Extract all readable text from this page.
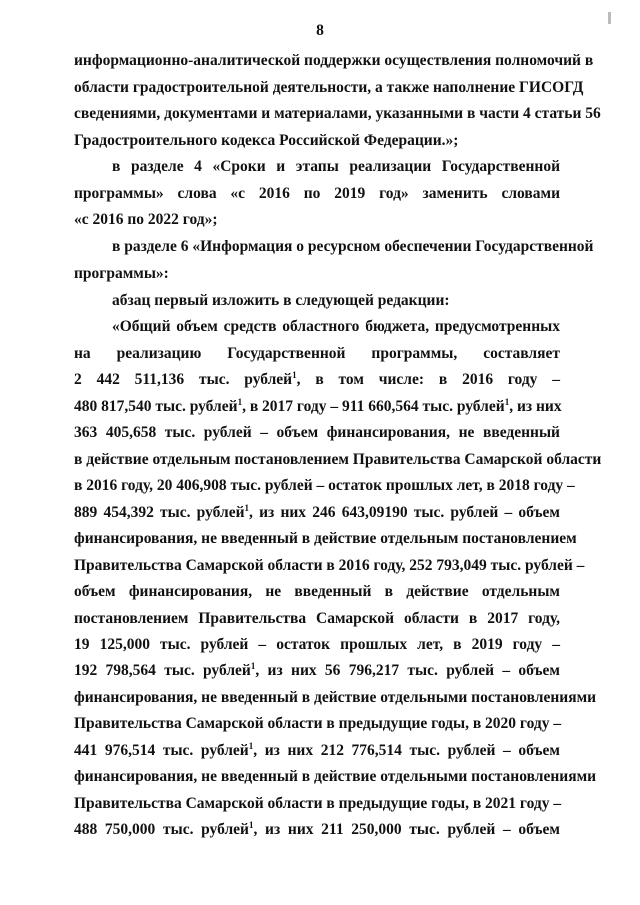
8
информационно-аналитической поддержки осуществления полномочий в
области градостроительной деятельности, а также наполнение ГИСОГД
сведениями, документами и материалами, указанными в части 4 статьи 56
Градостроительного кодекса Российской Федерации.»;
в разделе 4 «Сроки и этапы реализации Государственной
программы» слова «с 2016 по 2019 год» заменить словами
«с 2016 по 2022 год»;
в разделе 6 «Информация о ресурсном обеспечении Государственной
программы»:
абзац первый изложить в следующей редакции:
«Общий объем средств областного бюджета, предусмотренных
на реализацию Государственной программы, составляет
2 442 511,136 тыс. рублей$^1$, в том числе: в 2016 году –
480 817,540 тыс. рублей$^1$, в 2017 году – 911 660,564 тыс. рублей$^1$, из них
363 405,658 тыс. рублей – объем финансирования, не введенный
в действие отдельным постановлением Правительства Самарской области
в 2016 году, 20 406,908 тыс. рублей – остаток прошлых лет, в 2018 году –
889 454,392 тыс. рублей$^1$, из них 246 643,09190 тыс. рублей – объем
финансирования, не введенный в действие отдельным постановлением
Правительства Самарской области в 2016 году, 252 793,049 тыс. рублей –
объем финансирования, не введенный в действие отдельным
постановлением Правительства Самарской области в 2017 году,
19 125,000 тыс. рублей – остаток прошлых лет, в 2019 году –
192 798,564 тыс. рублей$^1$, из них 56 796,217 тыс. рублей – объем
финансирования, не введенный в действие отдельными постановлениями
Правительства Самарской области в предыдущие годы, в 2020 году –
441 976,514 тыс. рублей$^1$, из них 212 776,514 тыс. рублей – объем
финансирования, не введенный в действие отдельными постановлениями
Правительства Самарской области в предыдущие годы, в 2021 году –
488 750,000 тыс. рублей$^1$, из них 211 250,000 тыс. рублей – объем
